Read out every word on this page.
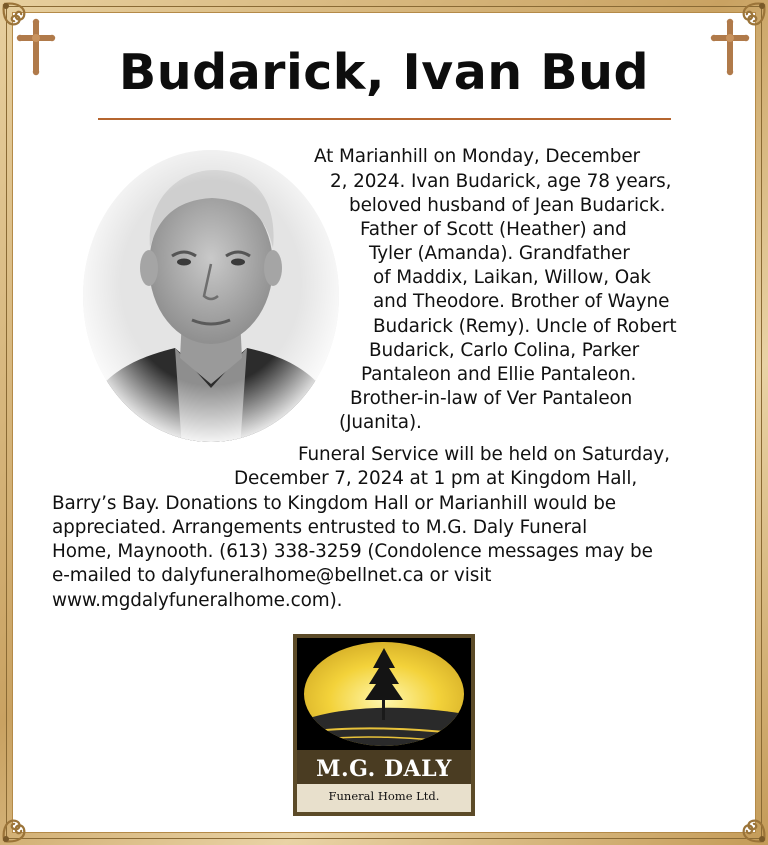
Budarick, Ivan Bud
At Marianhill on Monday, December
2, 2024. Ivan Budarick, age 78 years,
beloved husband of Jean Budarick.
Father of Scott (Heather) and
Tyler (Amanda). Grandfather
of Maddix, Laikan, Willow, Oak
and Theodore. Brother of Wayne
Budarick (Remy). Uncle of Robert
Budarick, Carlo Colina, Parker
Pantaleon and Ellie Pantaleon.
Brother-in-law of Ver Pantaleon
(Juanita).
Funeral Service will be held on Saturday,
December 7, 2024 at 1 pm at Kingdom Hall,
Barry’s Bay. Donations to Kingdom Hall or Marianhill would be
appreciated. Arrangements entrusted to M.G. Daly Funeral
Home, Maynooth. (613) 338-3259 (Condolence messages may be
e-mailed to dalyfuneralhome@bellnet.ca or visit
www.mgdalyfuneralhome.com).
M.G. DALY
Funeral Home Ltd.
